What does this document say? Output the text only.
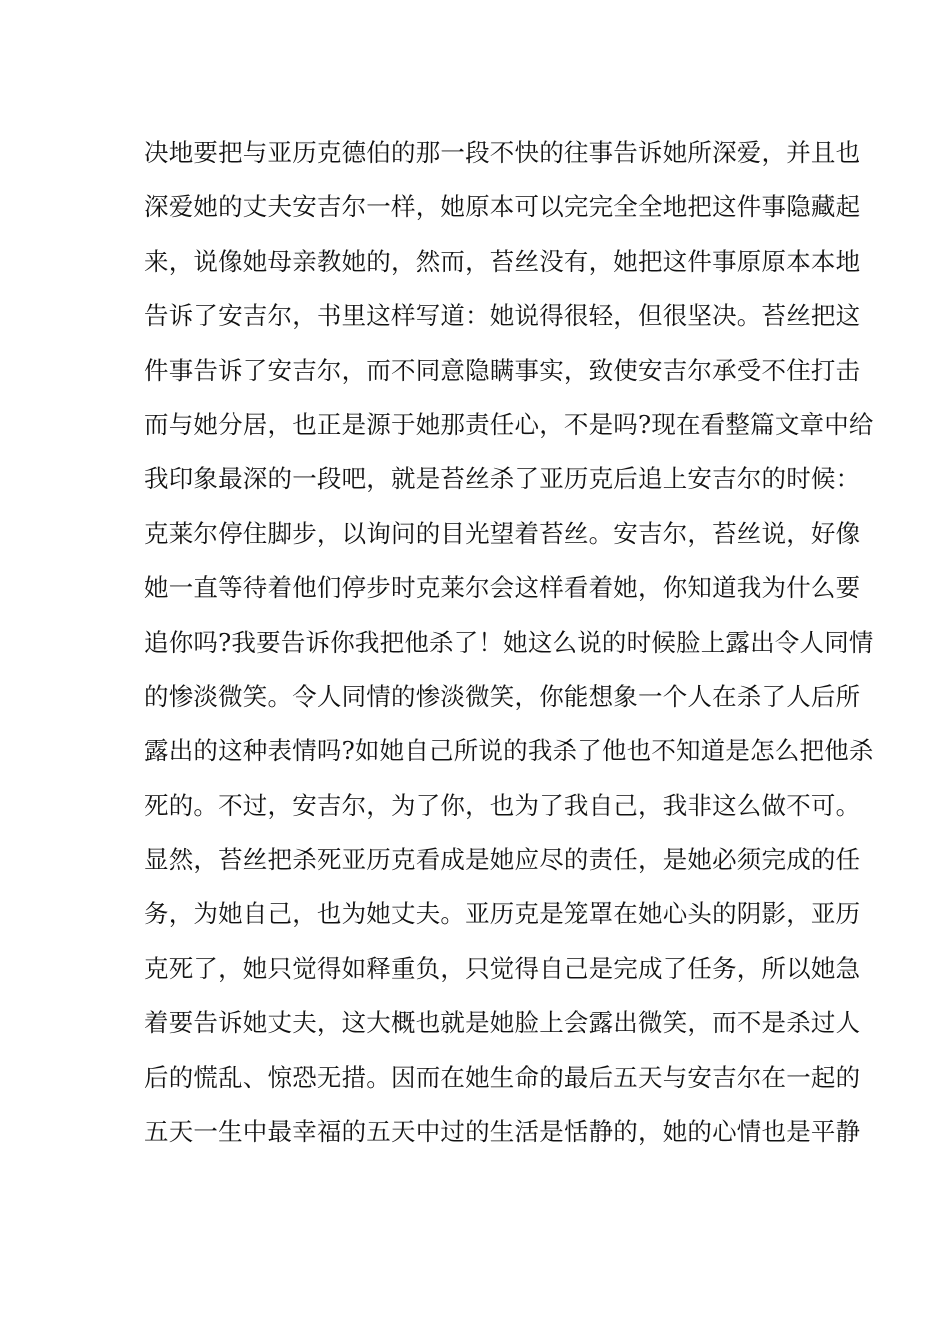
决地要把与亚历克德伯的那一段不快的往事告诉她所深爱，并且也
深爱她的丈夫安吉尔一样，她原本可以完完全全地把这件事隐藏起
来，说像她母亲教她的，然而，苔丝没有，她把这件事原原本本地
告诉了安吉尔，书里这样写道：她说得很轻，但很坚决。苔丝把这
件事告诉了安吉尔，而不同意隐瞒事实，致使安吉尔承受不住打击
而与她分居，也正是源于她那责任心，不是吗?现在看整篇文章中给
我印象最深的一段吧，就是苔丝杀了亚历克后追上安吉尔的时候：
克莱尔停住脚步，以询问的目光望着苔丝。安吉尔，苔丝说，好像
她一直等待着他们停步时克莱尔会这样看着她，你知道我为什么要
追你吗?我要告诉你我把他杀了！她这么说的时候脸上露出令人同情
的惨淡微笑。令人同情的惨淡微笑，你能想象一个人在杀了人后所
露出的这种表情吗?如她自己所说的我杀了他也不知道是怎么把他杀
死的。不过，安吉尔，为了你，也为了我自己，我非这么做不可。
显然，苔丝把杀死亚历克看成是她应尽的责任，是她必须完成的任
务，为她自己，也为她丈夫。亚历克是笼罩在她心头的阴影，亚历
克死了，她只觉得如释重负，只觉得自己是完成了任务，所以她急
着要告诉她丈夫，这大概也就是她脸上会露出微笑，而不是杀过人
后的慌乱、惊恐无措。因而在她生命的最后五天与安吉尔在一起的
五天一生中最幸福的五天中过的生活是恬静的，她的心情也是平静
